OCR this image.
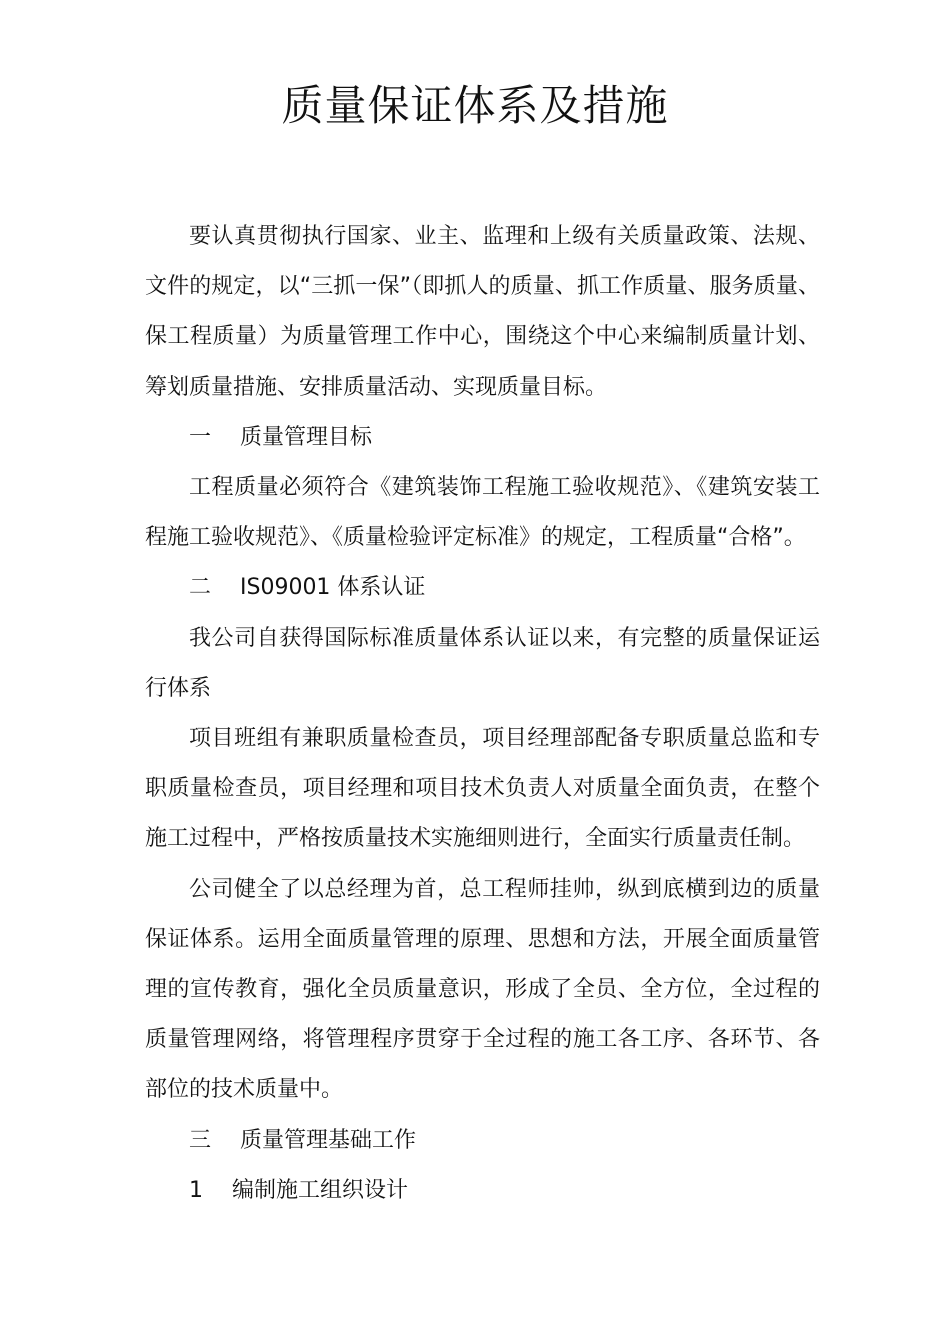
质量保证体系及措施

要认真贯彻执行国家、业主、监理和上级有关质量政策、法规、文件的规定，以“三抓一保”（即抓人的质量、抓工作质量、服务质量、保工程质量）为质量管理工作中心，围绕这个中心来编制质量计划、筹划质量措施、安排质量活动、实现质量目标。

一　 质量管理目标

工程质量必须符合《建筑装饰工程施工验收规范》、《建筑安装工程施工验收规范》、《质量检验评定标准》的规定，工程质量“合格”。

二　 IS09001 体系认证

我公司自获得国际标准质量体系认证以来，有完整的质量保证运行体系

项目班组有兼职质量检查员，项目经理部配备专职质量总监和专职质量检查员，项目经理和项目技术负责人对质量全面负责，在整个施工过程中，严格按质量技术实施细则进行，全面实行质量责任制。

公司健全了以总经理为首，总工程师挂帅，纵到底横到边的质量保证体系。运用全面质量管理的原理、思想和方法，开展全面质量管理的宣传教育，强化全员质量意识，形成了全员、全方位，全过程的质量管理网络，将管理程序贯穿于全过程的施工各工序、各环节、各部位的技术质量中。

三　 质量管理基础工作

1　 编制施工组织设计
